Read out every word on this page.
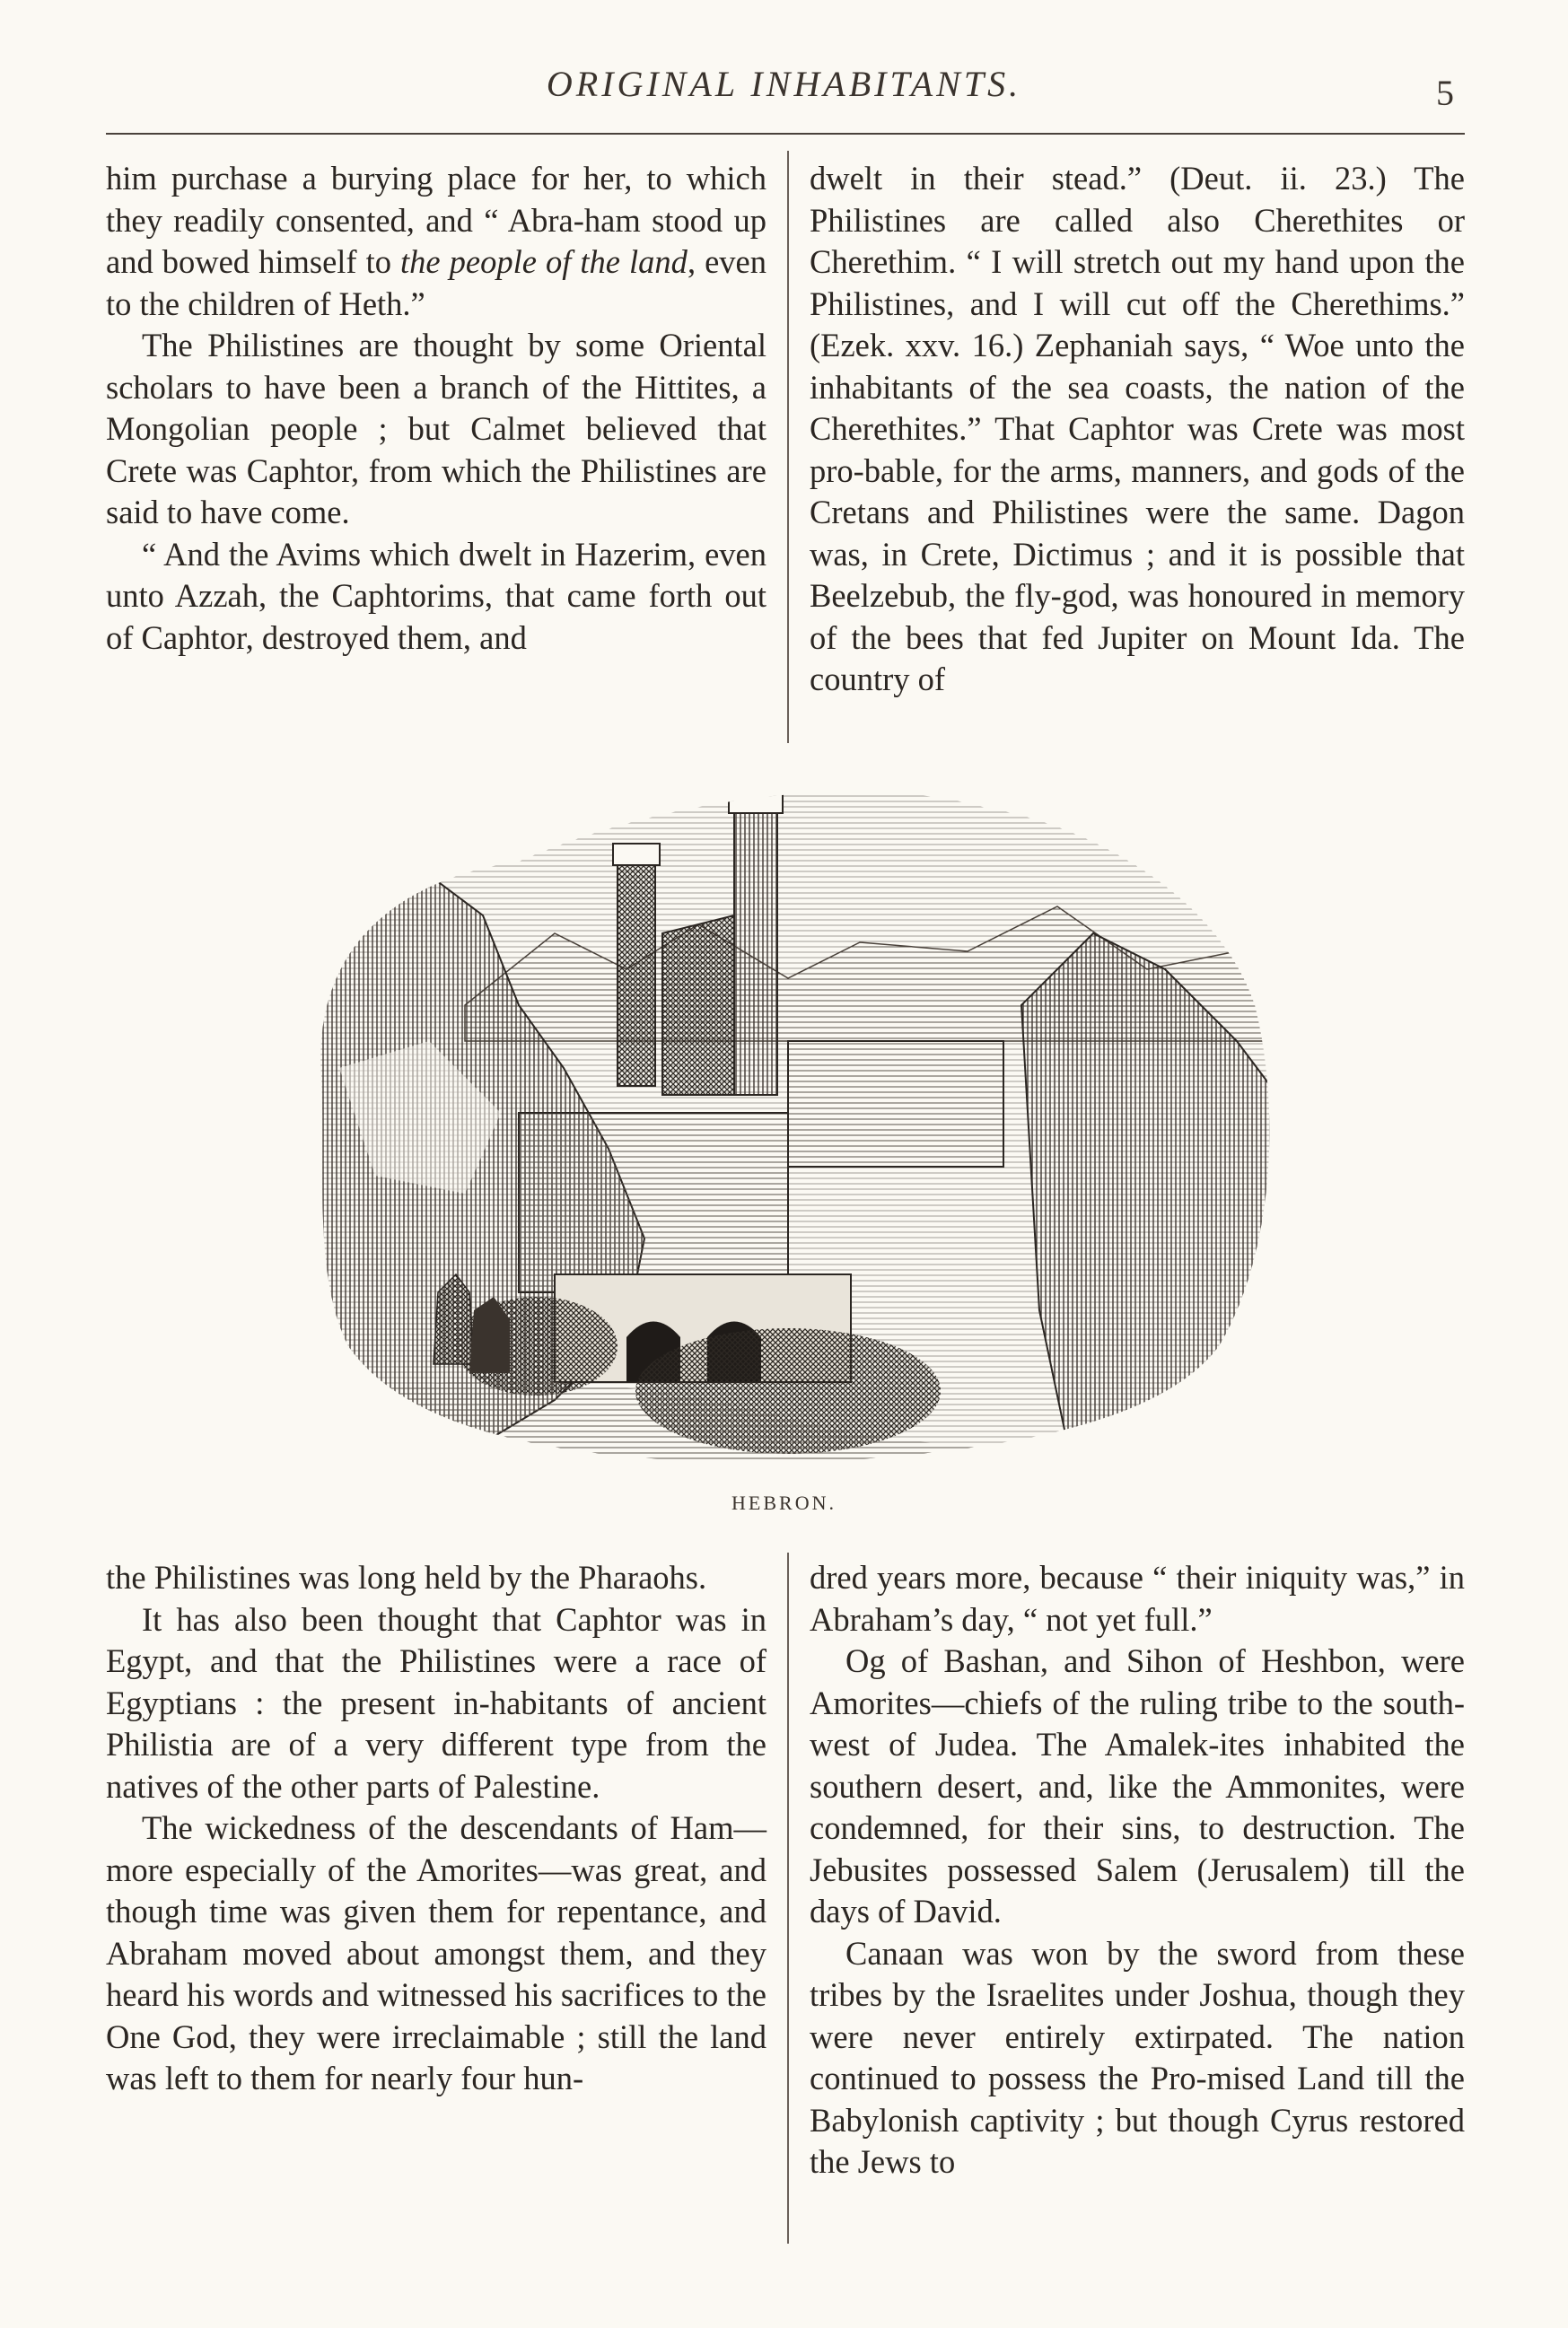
ORIGINAL INHABITANTS.	5

him purchase a burying place for her, to which they readily consented, and “ Abra-ham stood up and bowed himself to the people of the land, even to the children of Heth.”

The Philistines are thought by some Oriental scholars to have been a branch of the Hittites, a Mongolian people ; but Calmet believed that Crete was Caphtor, from which the Philistines are said to have come.

“ And the Avims which dwelt in Hazerim, even unto Azzah, the Caphtorims, that came forth out of Caphtor, destroyed them, and

dwelt in their stead.” (Deut. ii. 23.) The Philistines are called also Cherethites or Cherethim. “ I will stretch out my hand upon the Philistines, and I will cut off the Cherethims.” (Ezek. xxv. 16.) Zephaniah says, “ Woe unto the inhabitants of the sea coasts, the nation of the Cherethites.” That Caphtor was Crete was most pro-bable, for the arms, manners, and gods of the Cretans and Philistines were the same. Dagon was, in Crete, Dictimus ; and it is possible that Beelzebub, the fly-god, was honoured in memory of the bees that fed Jupiter on Mount Ida. The country of

HEBRON.

the Philistines was long held by the Pharaohs.

It has also been thought that Caphtor was in Egypt, and that the Philistines were a race of Egyptians : the present in-habitants of ancient Philistia are of a very different type from the natives of the other parts of Palestine.

The wickedness of the descendants of Ham—more especially of the Amorites—was great, and though time was given them for repentance, and Abraham moved about amongst them, and they heard his words and witnessed his sacrifices to the One God, they were irreclaimable ; still the land was left to them for nearly four hun-

dred years more, because “ their iniquity was,” in Abraham’s day, “ not yet full.”

Og of Bashan, and Sihon of Heshbon, were Amorites—chiefs of the ruling tribe to the south-west of Judea. The Amalek-ites inhabited the southern desert, and, like the Ammonites, were condemned, for their sins, to destruction. The Jebusites possessed Salem (Jerusalem) till the days of David.

Canaan was won by the sword from these tribes by the Israelites under Joshua, though they were never entirely extirpated. The nation continued to possess the Pro-mised Land till the Babylonish captivity ; but though Cyrus restored the Jews to
